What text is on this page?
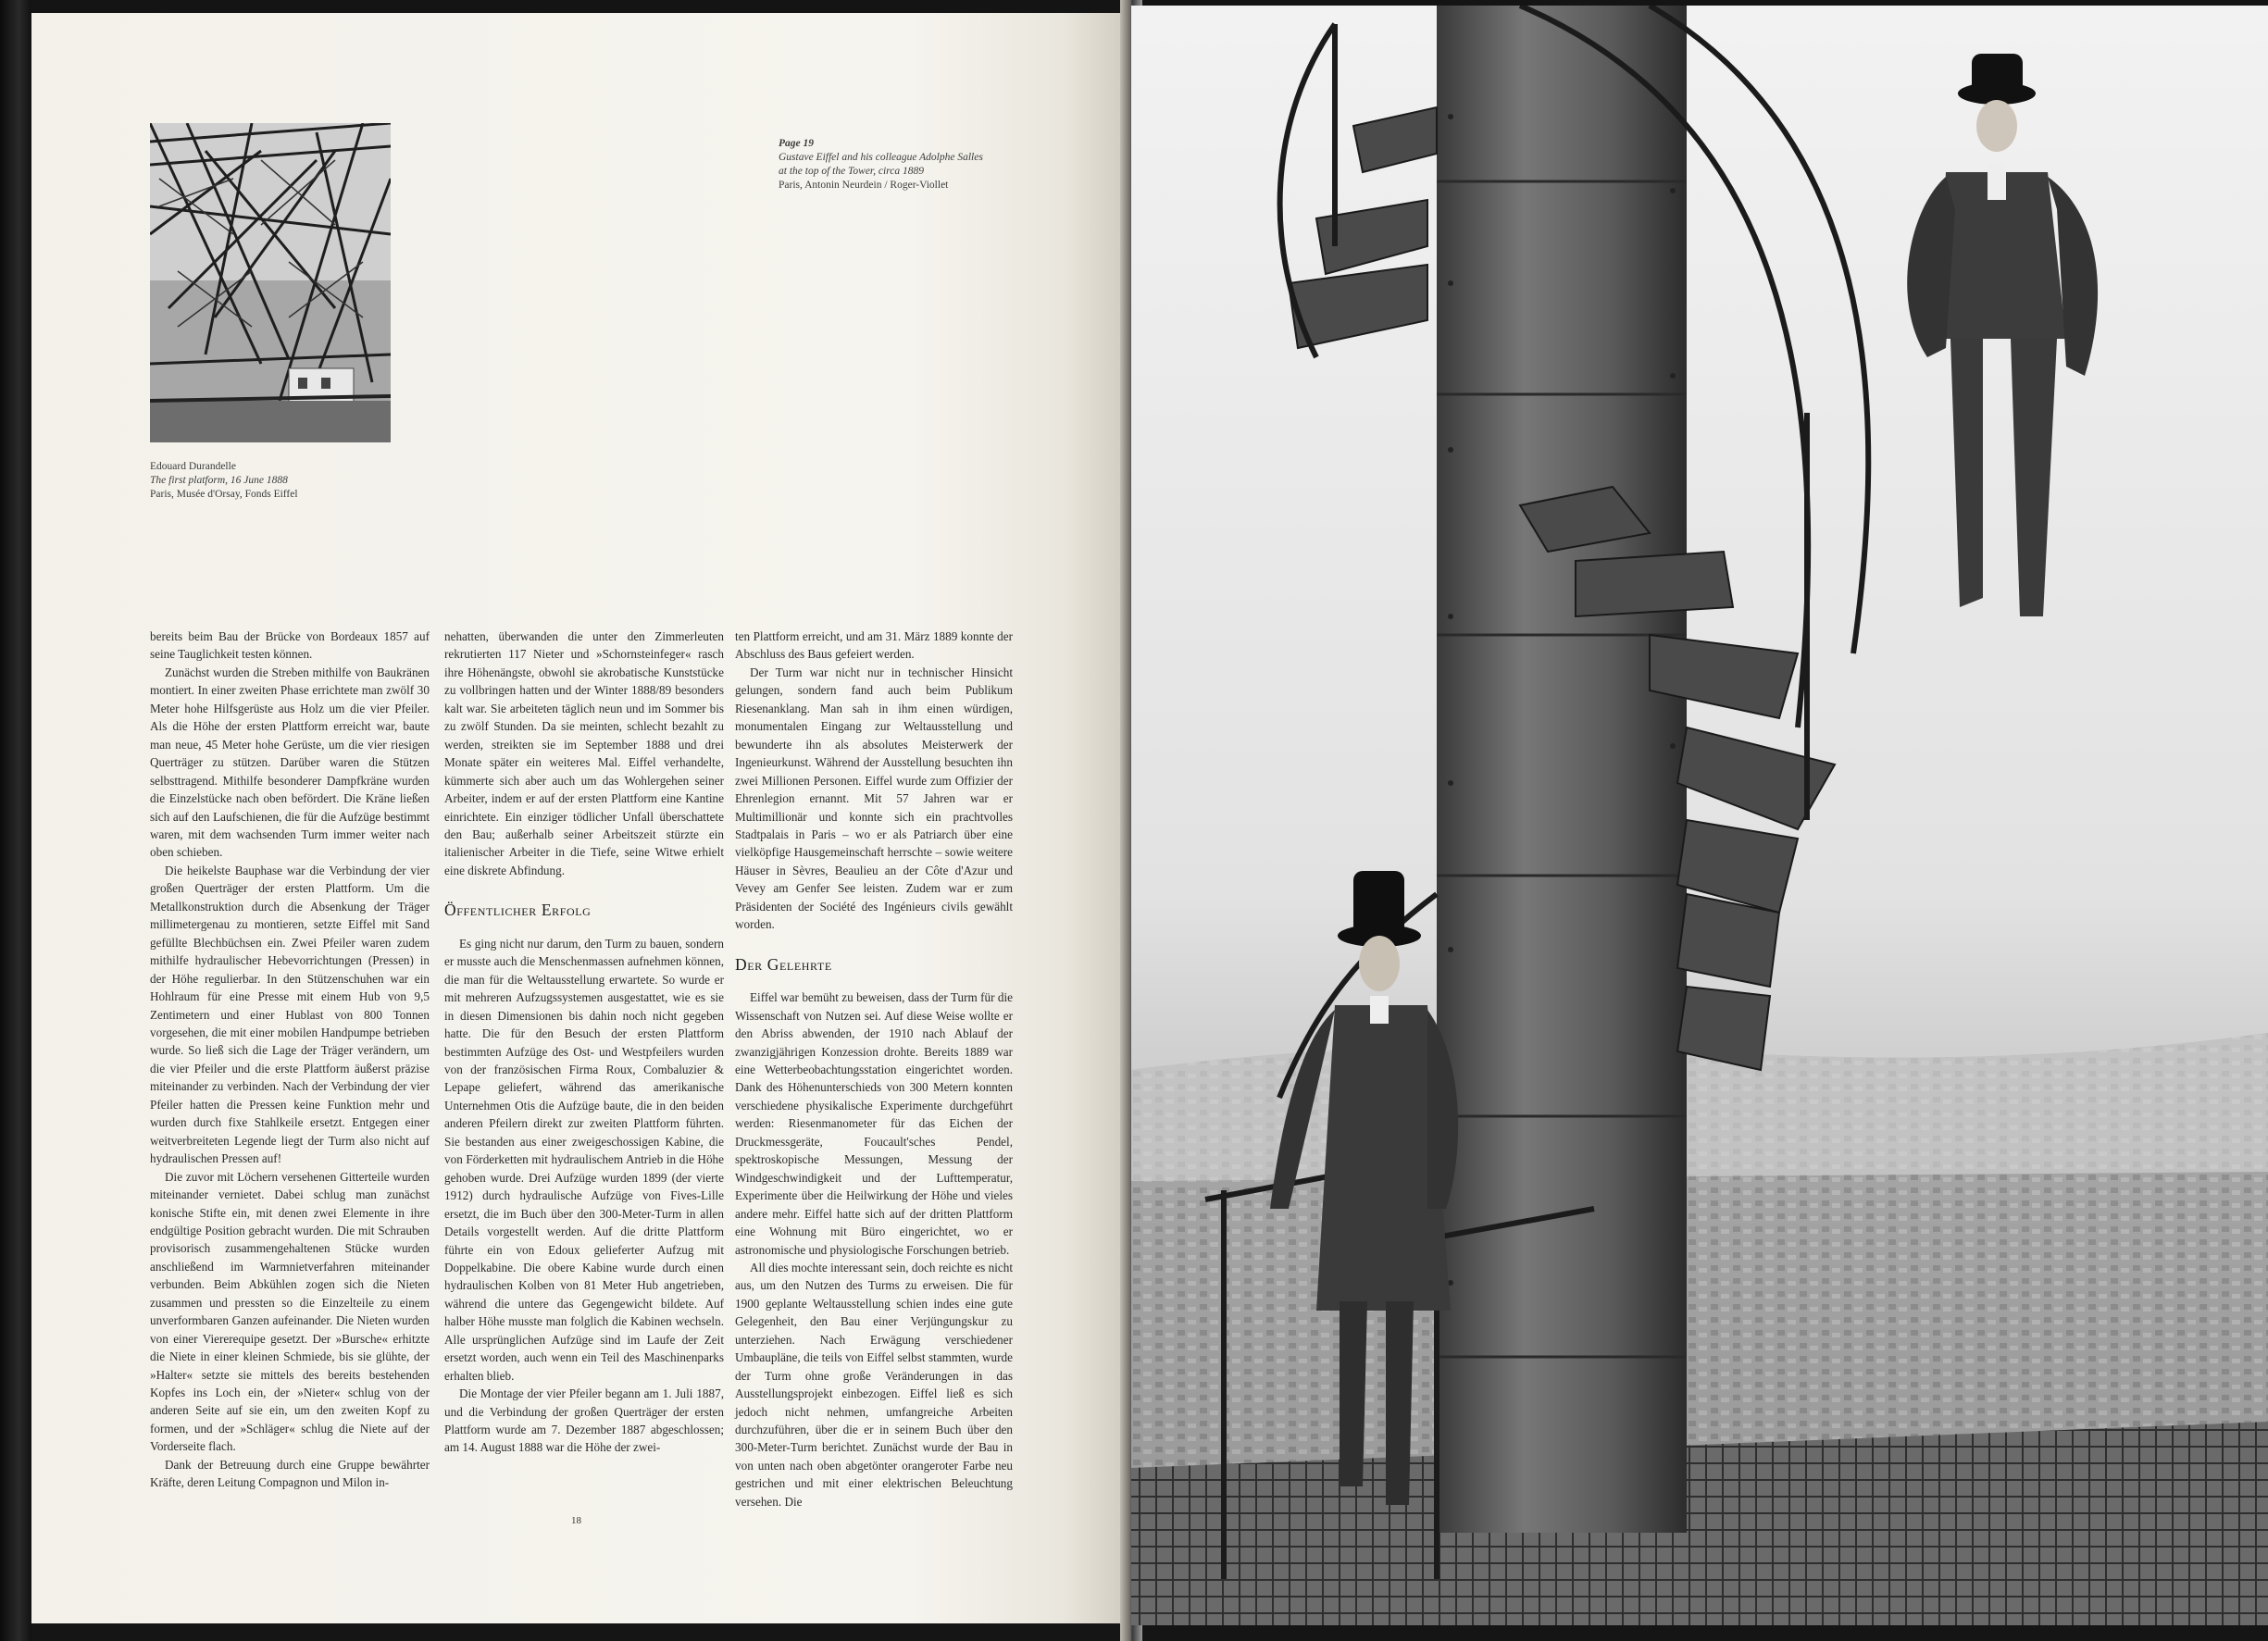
Edouard Durandelle
The first platform, 16 June 1888
Paris, Musée d'Orsay, Fonds Eiffel
Page 19
Gustave Eiffel and his colleague Adolphe Salles
at the top of the Tower, circa 1889
Paris, Antonin Neurdein / Roger-Viollet

bereits beim Bau der Brücke von Bordeaux 1857 auf seine Tauglichkeit testen können.

Zunächst wurden die Streben mithilfe von Baukränen montiert. In einer zweiten Phase errichtete man zwölf 30 Meter hohe Hilfsgerüste aus Holz um die vier Pfeiler. Als die Höhe der ersten Plattform erreicht war, baute man neue, 45 Meter hohe Gerüste, um die vier riesigen Querträger zu stützen. Darüber waren die Stützen selbsttragend. Mithilfe besonderer Dampfkräne wurden die Einzelstücke nach oben befördert. Die Kräne ließen sich auf den Laufschienen, die für die Aufzüge bestimmt waren, mit dem wachsenden Turm immer weiter nach oben schieben.

Die heikelste Bauphase war die Verbindung der vier großen Querträger der ersten Plattform. Um die Metallkonstruktion durch die Absenkung der Träger millimetergenau zu montieren, setzte Eiffel mit Sand gefüllte Blechbüchsen ein. Zwei Pfeiler waren zudem mithilfe hydraulischer Hebevorrichtungen (Pressen) in der Höhe regulierbar. In den Stützenschuhen war ein Hohlraum für eine Presse mit einem Hub von 9,5 Zentimetern und einer Hublast von 800 Tonnen vorgesehen, die mit einer mobilen Handpumpe betrieben wurde. So ließ sich die Lage der Träger verändern, um die vier Pfeiler und die erste Plattform äußerst präzise miteinander zu verbinden. Nach der Verbindung der vier Pfeiler hatten die Pressen keine Funktion mehr und wurden durch fixe Stahlkeile ersetzt. Entgegen einer weitverbreiteten Legende liegt der Turm also nicht auf hydraulischen Pressen auf!

Die zuvor mit Löchern versehenen Gitterteile wurden miteinander vernietet. Dabei schlug man zunächst konische Stifte ein, mit denen zwei Elemente in ihre endgültige Position gebracht wurden. Die mit Schrauben provisorisch zusammengehaltenen Stücke wurden anschließend im Warmnietverfahren miteinander verbunden. Beim Abkühlen zogen sich die Nieten zusammen und pressten so die Einzelteile zu einem unverformbaren Ganzen aufeinander. Die Nieten wurden von einer Viererequipe gesetzt. Der »Bursche« erhitzte die Niete in einer kleinen Schmiede, bis sie glühte, der »Halter« setzte sie mittels des bereits bestehenden Kopfes ins Loch ein, der »Nieter« schlug von der anderen Seite auf sie ein, um den zweiten Kopf zu formen, und der »Schläger« schlug die Niete auf der Vorderseite flach.

Dank der Betreuung durch eine Gruppe bewährter Kräfte, deren Leitung Compagnon und Milon in-

nehatten, überwanden die unter den Zimmerleuten rekrutierten 117 Nieter und »Schornsteinfeger« rasch ihre Höhenängste, obwohl sie akrobatische Kunststücke zu vollbringen hatten und der Winter 1888/89 besonders kalt war. Sie arbeiteten täglich neun und im Sommer bis zu zwölf Stunden. Da sie meinten, schlecht bezahlt zu werden, streikten sie im September 1888 und drei Monate später ein weiteres Mal. Eiffel verhandelte, kümmerte sich aber auch um das Wohlergehen seiner Arbeiter, indem er auf der ersten Plattform eine Kantine einrichtete. Ein einziger tödlicher Unfall überschattete den Bau; außerhalb seiner Arbeitszeit stürzte ein italienischer Arbeiter in die Tiefe, seine Witwe erhielt eine diskrete Abfindung.

Öffentlicher Erfolg

Es ging nicht nur darum, den Turm zu bauen, sondern er musste auch die Menschenmassen aufnehmen können, die man für die Weltausstellung erwartete. So wurde er mit mehreren Aufzugssystemen ausgestattet, wie es sie in diesen Dimensionen bis dahin noch nicht gegeben hatte. Die für den Besuch der ersten Plattform bestimmten Aufzüge des Ost- und Westpfeilers wurden von der französischen Firma Roux, Combaluzier & Lepape geliefert, während das amerikanische Unternehmen Otis die Aufzüge baute, die in den beiden anderen Pfeilern direkt zur zweiten Plattform führten. Sie bestanden aus einer zweigeschossigen Kabine, die von Förderketten mit hydraulischem Antrieb in die Höhe gehoben wurde. Drei Aufzüge wurden 1899 (der vierte 1912) durch hydraulische Aufzüge von Fives-Lille ersetzt, die im Buch über den 300-Meter-Turm in allen Details vorgestellt werden. Auf die dritte Plattform führte ein von Edoux gelieferter Aufzug mit Doppelkabine. Die obere Kabine wurde durch einen hydraulischen Kolben von 81 Meter Hub angetrieben, während die untere das Gegengewicht bildete. Auf halber Höhe musste man folglich die Kabinen wechseln. Alle ursprünglichen Aufzüge sind im Laufe der Zeit ersetzt worden, auch wenn ein Teil des Maschinenparks erhalten blieb.

Die Montage der vier Pfeiler begann am 1. Juli 1887, und die Verbindung der großen Querträger der ersten Plattform wurde am 7. Dezember 1887 abgeschlossen; am 14. August 1888 war die Höhe der zwei-

ten Plattform erreicht, und am 31. März 1889 konnte der Abschluss des Baus gefeiert werden.

Der Turm war nicht nur in technischer Hinsicht gelungen, sondern fand auch beim Publikum Riesenanklang. Man sah in ihm einen würdigen, monumentalen Eingang zur Weltausstellung und bewunderte ihn als absolutes Meisterwerk der Ingenieurkunst. Während der Ausstellung besuchten ihn zwei Millionen Personen. Eiffel wurde zum Offizier der Ehrenlegion ernannt. Mit 57 Jahren war er Multimillionär und konnte sich ein prachtvolles Stadtpalais in Paris – wo er als Patriarch über eine vielköpfige Hausgemeinschaft herrschte – sowie weitere Häuser in Sèvres, Beaulieu an der Côte d'Azur und Vevey am Genfer See leisten. Zudem war er zum Präsidenten der Société des Ingénieurs civils gewählt worden.

Der Gelehrte

Eiffel war bemüht zu beweisen, dass der Turm für die Wissenschaft von Nutzen sei. Auf diese Weise wollte er den Abriss abwenden, der 1910 nach Ablauf der zwanzigjährigen Konzession drohte. Bereits 1889 war eine Wetterbeobachtungsstation eingerichtet worden. Dank des Höhenunterschieds von 300 Metern konnten verschiedene physikalische Experimente durchgeführt werden: Riesenmanometer für das Eichen der Druckmessgeräte, Foucault'sches Pendel, spektroskopische Messungen, Messung der Windgeschwindigkeit und der Lufttemperatur, Experimente über die Heilwirkung der Höhe und vieles andere mehr. Eiffel hatte sich auf der dritten Plattform eine Wohnung mit Büro eingerichtet, wo er astronomische und physiologische Forschungen betrieb.

All dies mochte interessant sein, doch reichte es nicht aus, um den Nutzen des Turms zu erweisen. Die für 1900 geplante Weltausstellung schien indes eine gute Gelegenheit, den Bau einer Verjüngungskur zu unterziehen. Nach Erwägung verschiedener Umbaupläne, die teils von Eiffel selbst stammten, wurde der Turm ohne große Veränderungen in das Ausstellungsprojekt einbezogen. Eiffel ließ es sich jedoch nicht nehmen, umfangreiche Arbeiten durchzuführen, über die er in seinem Buch über den 300-Meter-Turm berichtet. Zunächst wurde der Bau in von unten nach oben abgetönter orangeroter Farbe neu gestrichen und mit einer elektrischen Beleuchtung versehen. Die

18
